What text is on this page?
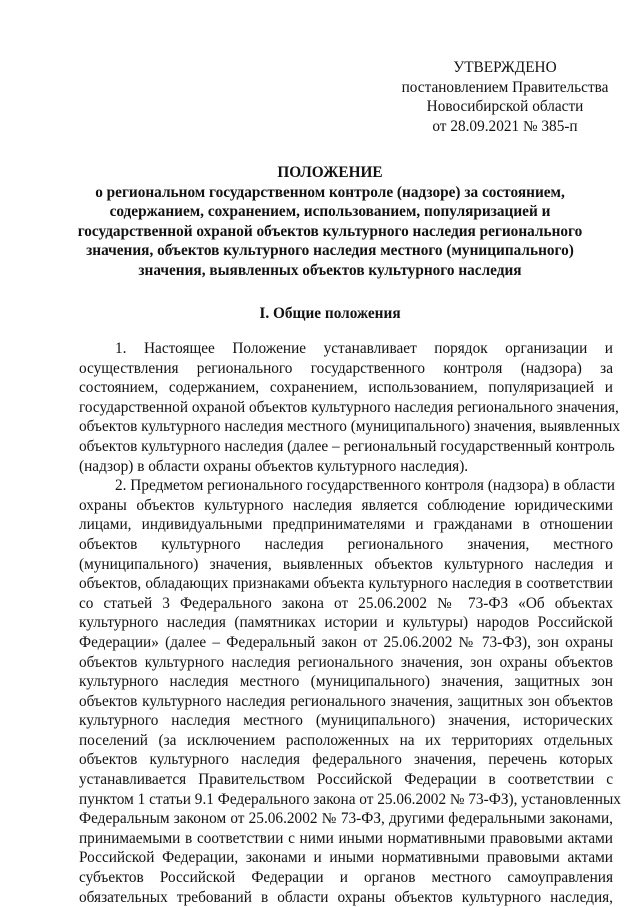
УТВЕРЖДЕНО
постановлением Правительства
Новосибирской области
от 28.09.2021 № 385-п
ПОЛОЖЕНИЕ
о региональном государственном контроле (надзоре) за состоянием,
содержанием, сохранением, использованием, популяризацией и
государственной охраной объектов культурного наследия регионального
значения, объектов культурного наследия местного (муниципального)
значения, выявленных объектов культурного наследия
I. Общие положения
1. Настоящее Положение устанавливает порядок организации и
осуществления регионального государственного контроля (надзора) за
состоянием, содержанием, сохранением, использованием, популяризацией и
государственной охраной объектов культурного наследия регионального значения,
объектов культурного наследия местного (муниципального) значения, выявленных
объектов культурного наследия (далее – региональный государственный контроль
(надзор) в области охраны объектов культурного наследия).
2. Предметом регионального государственного контроля (надзора) в области
охраны объектов культурного наследия является соблюдение юридическими
лицами, индивидуальными предпринимателями и гражданами в отношении
объектов культурного наследия регионального значения, местного
(муниципального) значения, выявленных объектов культурного наследия и
объектов, обладающих признаками объекта культурного наследия в соответствии
со статьей 3 Федерального закона от 25.06.2002 № 73-ФЗ «Об объектах
культурного наследия (памятниках истории и культуры) народов Российской
Федерации» (далее – Федеральный закон от 25.06.2002 № 73-ФЗ), зон охраны
объектов культурного наследия регионального значения, зон охраны объектов
культурного наследия местного (муниципального) значения, защитных зон
объектов культурного наследия регионального значения, защитных зон объектов
культурного наследия местного (муниципального) значения, исторических
поселений (за исключением расположенных на их территориях отдельных
объектов культурного наследия федерального значения, перечень которых
устанавливается Правительством Российской Федерации в соответствии с
пунктом 1 статьи 9.1 Федерального закона от 25.06.2002 № 73-ФЗ), установленных
Федеральным законом от 25.06.2002 № 73-ФЗ, другими федеральными законами,
принимаемыми в соответствии с ними иными нормативными правовыми актами
Российской Федерации, законами и иными нормативными правовыми актами
субъектов Российской Федерации и органов местного самоуправления
обязательных требований в области охраны объектов культурного наследия,
